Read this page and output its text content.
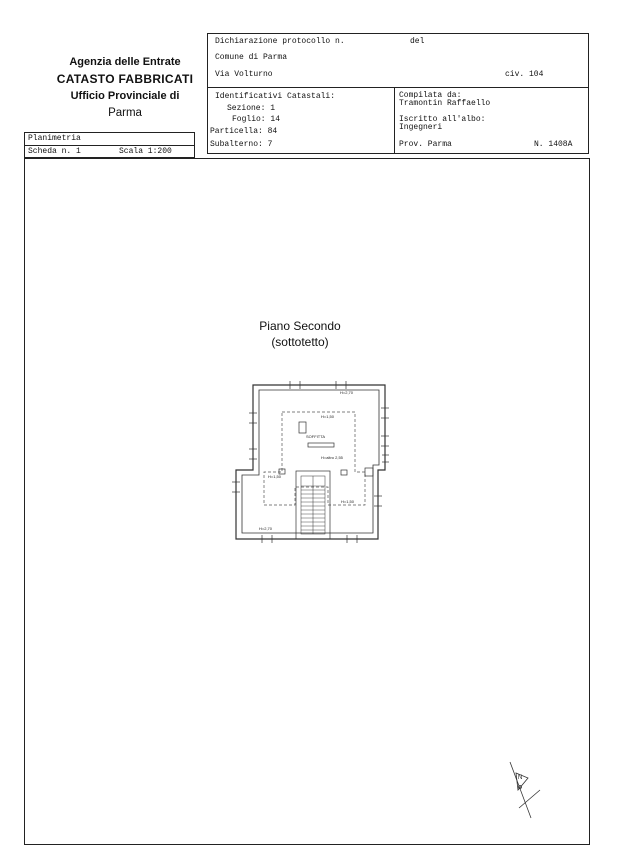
Agenzia delle Entrate
CATASTO FABBRICATI
Ufficio Provinciale di
Parma
Dichiarazione protocollo n.	del
Comune di Parma
Via Volturno	civ. 104
Identificativi Catastali:
Sezione: 1
Foglio: 14
Particella: 84
Subalterno: 7
Compilata da:
Tramontin Raffaello
Iscritto all'albo:
Ingegneri
Prov. Parma	N. 1408A
Planimetria
Scheda n. 1	Scala 1:200
Piano Secondo
(sottotetto)
H=2,70
H=1,50
SOFFITTA
H=altro 2,55
H=1,50
H=1,50
H=2,70
N
